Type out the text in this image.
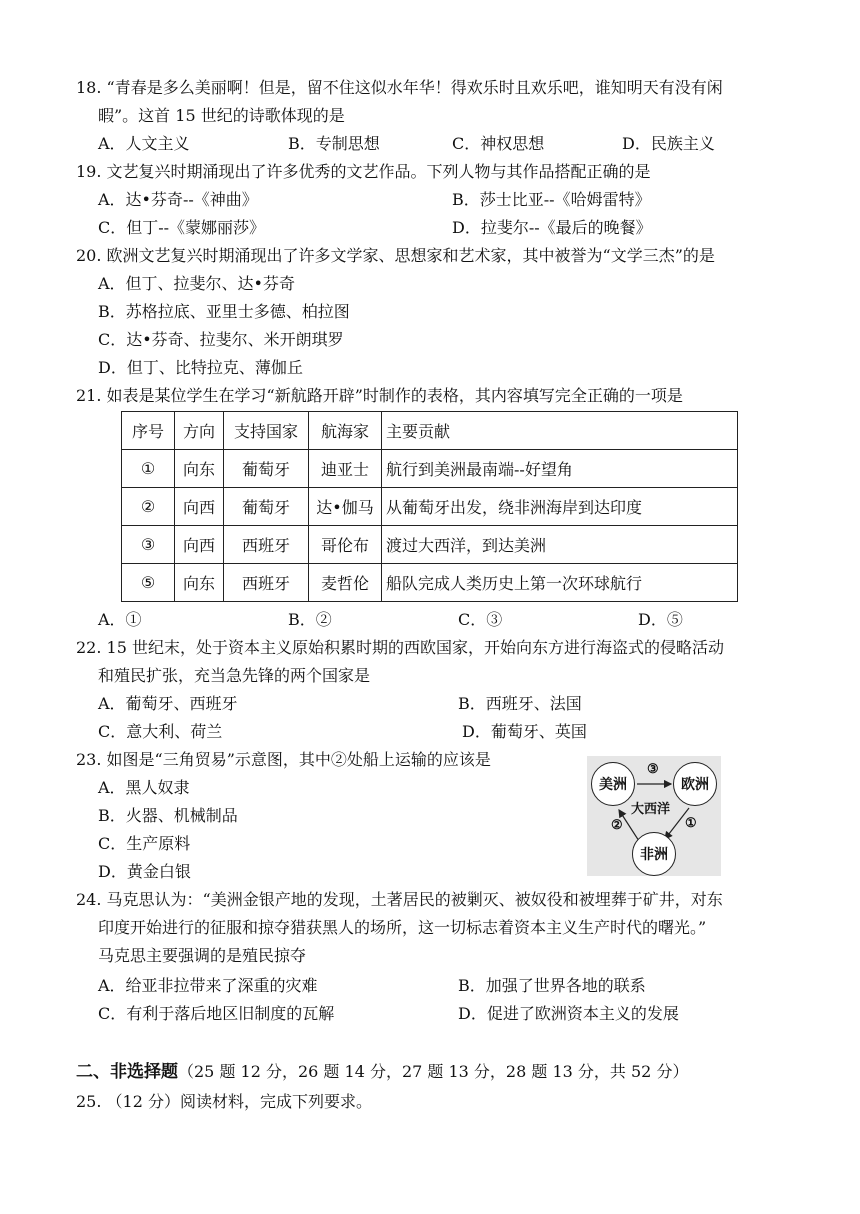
18. “青春是多么美丽啊！但是，留不住这似水年华！得欢乐时且欢乐吧，谁知明天有没有闲
暇”。这首 15 世纪的诗歌体现的是
A．人文主义	B．专制思想	C．神权思想	D．民族主义
19. 文艺复兴时期涌现出了许多优秀的文艺作品。下列人物与其作品搭配正确的是
A．达•芬奇--《神曲》	B．莎士比亚--《哈姆雷特》
C．但丁--《蒙娜丽莎》	D．拉斐尔--《最后的晚餐》
20. 欧洲文艺复兴时期涌现出了许多文学家、思想家和艺术家，其中被誉为“文学三杰”的是
A．但丁、拉斐尔、达•芬奇
B．苏格拉底、亚里士多德、柏拉图
C．达•芬奇、拉斐尔、米开朗琪罗
D．但丁、比特拉克、薄伽丘
21. 如表是某位学生在学习“新航路开辟”时制作的表格，其内容填写完全正确的一项是
序号	方向	支持国家	航海家	主要贡献
①	向东	葡萄牙	迪亚士	航行到美洲最南端--好望角
②	向西	葡萄牙	达•伽马	从葡萄牙出发，绕非洲海岸到达印度
③	向西	西班牙	哥伦布	渡过大西洋，到达美洲
⑤	向东	西班牙	麦哲伦	船队完成人类历史上第一次环球航行
A．①	B．②	C．③	D．⑤
22. 15 世纪末，处于资本主义原始积累时期的西欧国家，开始向东方进行海盗式的侵略活动
和殖民扩张，充当急先锋的两个国家是
A．葡萄牙、西班牙	B．西班牙、法国
C．意大利、荷兰	D．葡萄牙、英国
23. 如图是“三角贸易”示意图，其中②处船上运输的应该是
A．黑人奴隶
B．火器、机械制品
C．生产原料
D．黄金白银
美洲	欧洲
非洲
大西洋
③
①
②
24. 马克思认为：“美洲金银产地的发现，土著居民的被剿灭、被奴役和被埋葬于矿井，对东
印度开始进行的征服和掠夺猎获黑人的场所，这一切标志着资本主义生产时代的曙光。”
马克思主要强调的是殖民掠夺
A．给亚非拉带来了深重的灾难	B．加强了世界各地的联系
C．有利于落后地区旧制度的瓦解	D．促进了欧洲资本主义的发展
二、非选择题（25 题 12 分，26 题 14 分，27 题 13 分，28 题 13 分，共 52 分）
25. （12 分）阅读材料，完成下列要求。
